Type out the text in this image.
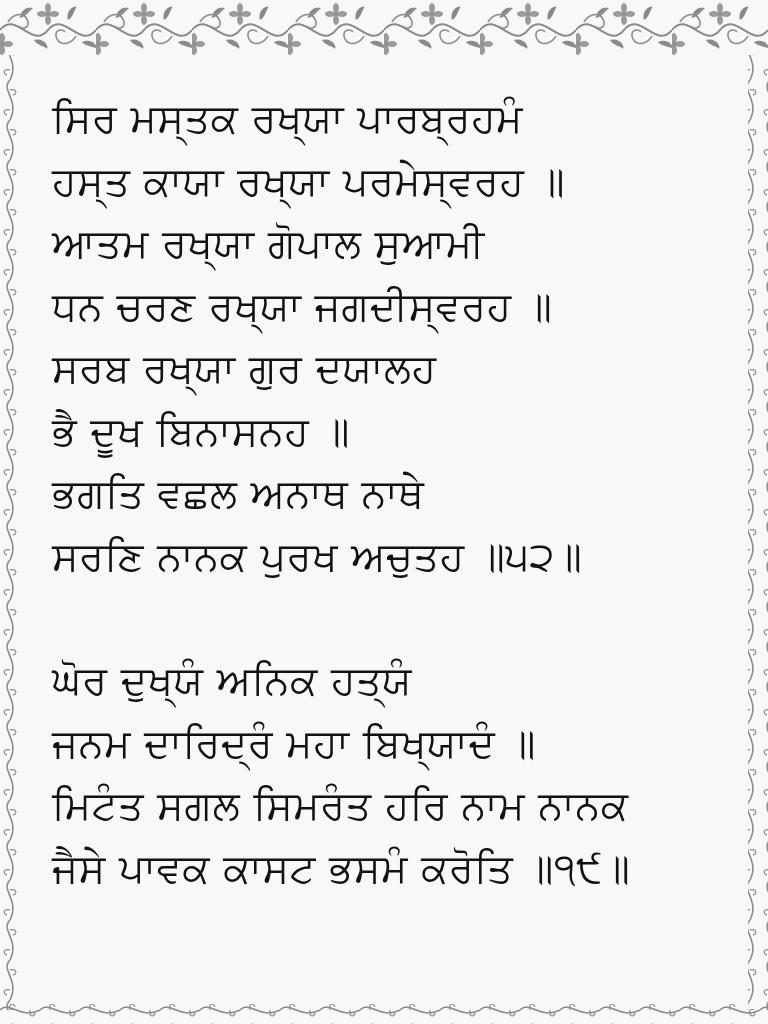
ਸਿਰ ਮਸ੍ਤਕ ਰਖ੍ਯਾ ਪਾਰਬ੍ਰਹਮੰ
ਹਸ੍ਤ ਕਾਯਾ ਰਖ੍ਯਾ ਪਰਮੇਸ੍ਵਰਹ ॥
ਆਤਮ ਰਖ੍ਯਾ ਗੋਪਾਲ ਸੁਆਮੀ
ਧਨ ਚਰਣ ਰਖ੍ਯਾ ਜਗਦੀਸ੍ਵਰਹ ॥
ਸਰਬ ਰਖ੍ਯਾ ਗੁਰ ਦਯਾਲਹ
ਭੈ ਦੂਖ ਬਿਨਾਸਨਹ ॥
ਭਗਤਿ ਵਛਲ ਅਨਾਥ ਨਾਥੇ
ਸਰਣਿ ਨਾਨਕ ਪੁਰਖ ਅਚੁਤਹ ॥੫੨॥
ਘੋਰ ਦੁਖ੍ਯੰ ਅਨਿਕ ਹਤ੍ਯੰ
ਜਨਮ ਦਾਰਿਦ੍ਰੰ ਮਹਾ ਬਿਖ੍ਯਾਦੰ ॥
ਮਿਟੰਤ ਸਗਲ ਸਿਮਰੰਤ ਹਰਿ ਨਾਮ ਨਾਨਕ
ਜੈਸੇ ਪਾਵਕ ਕਾਸਟ ਭਸਮੰ ਕਰੋਤਿ ॥੧੯॥
